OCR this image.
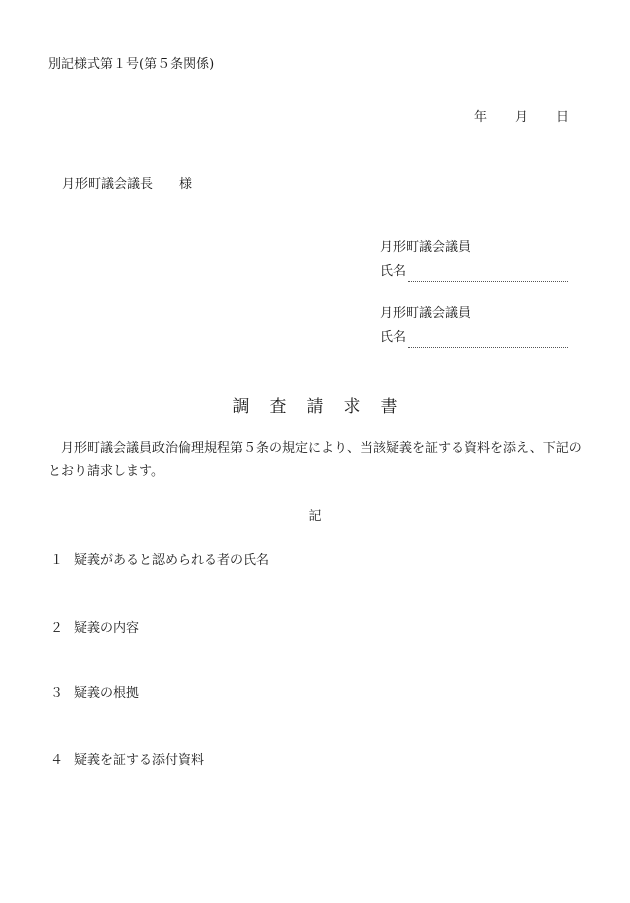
別記様式第１号(第５条関係)
年	月	日
月形町議会議長 様
月形町議会議員
氏名
月形町議会議員
氏名
調 査 請 求 書
月形町議会議員政治倫理規程第５条の規定により、当該疑義を証する資料を添え、下記のとおり請求します。
記
１ 疑義があると認められる者の氏名
２ 疑義の内容
３ 疑義の根拠
４ 疑義を証する添付資料
